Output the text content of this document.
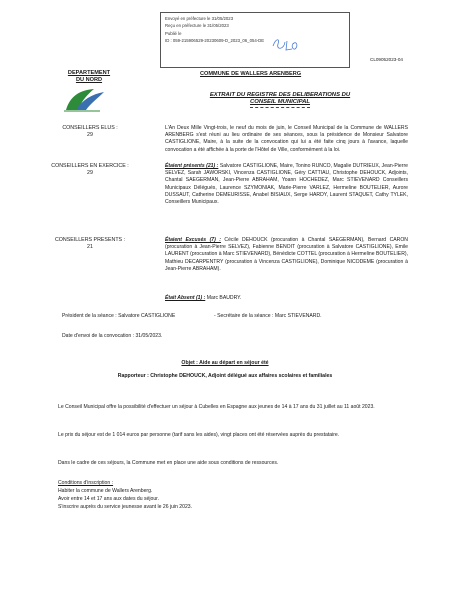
Envoyé en préfecture le 31/05/2023
Reçu en préfecture le 31/05/2023
Publié le
ID : 059-215906529-20230609-D_2023_06_054-DE
CL09052023-04
DEPARTEMENT
DU NORD
COMMUNE DE WALLERS ARENBERG
EXTRAIT DU REGISTRE DES DELIBERATIONS DU
CONSEIL MUNICIPAL
CONSEILLERS ELUS :
29
L'An Deux Mille Vingt-trois, le neuf du mois de juin, le Conseil Municipal de la Commune de WALLERS ARENBERG s'est réuni au lieu ordinaire de ses séances, sous la présidence de Monsieur Salvatore CASTIGLIONE, Maire, à la suite de la convocation qui lui a été faite cinq jours à l'avance, laquelle convocation a été affichée à la porte de l'Hôtel de Ville, conformément à la loi.
CONSEILLERS EN EXERCICE :
29
Étaient présents (21) : Salvatore CASTIGLIONE, Maire, Tonino RUNCO, Magalie DUTRIEUX, Jean-Pierre SELVEZ, Sarah JAWORSKI, Vincenza CASTIGLIONE, Géry CATTIAU, Christophe DEHOUCK, Adjoints, Chantal SAEGERMAN, Jean-Pierre ABRAHAM, Yoann HOCHEDEZ, Marc STIEVENARD Conseillers Municipaux Délégués, Laurence SZYMONIAK, Marie-Pierre VARLEZ, Hermeline BOUTELIER, Aurore DUSSAUT, Catherine DEMEURISSE, Anabel BISIAUX, Serge HARDY, Laurent STAQUET, Cathy TYLEK, Conseillers Municipaux.
CONSEILLERS PRESENTS :
21
Étaient Excusés (7) : Cécile DEHOUCK (procuration à Chantal SAEGERMAN), Bernard CARON (procuration à Jean-Pierre SELVEZ), Fabienne BENOIT (procuration à Salvatore CASTIGLIONE), Emile LAURENT (procuration à Marc STIEVENARD), Bénédicte COTTEL (procuration à Hermeline BOUTELIER), Mathieu DECARPENTRY (procuration à Vincenza CASTIGLIONE), Dominique NICODEME (procuration à Jean-Pierre ABRAHAM).
Était Absent (1) : Marc BAUDRY.
Président de la séance : Salvatore CASTIGLIONE	- Secrétaire de la séance : Marc STIEVENARD.
Date d'envoi de la convocation : 31/05/2023.
Objet : Aide au départ en séjour été
Rapporteur : Christophe DEHOUCK, Adjoint délégué aux affaires scolaires et familiales
Le Conseil Municipal offre la possibilité d'effectuer un séjour à Cubelles en Espagne aux jeunes de 14 à 17 ans du 31 juillet au 11 août 2023.
Le prix du séjour est de 1 014 euros par personne (tarif sans les aides), vingt places ont été réservées auprès du prestataire.
Dans le cadre de ces séjours, la Commune met en place une aide sous conditions de ressources.
Conditions d'inscription :
Habiter la commune de Wallers Arenberg.
Avoir entre 14 et 17 ans aux dates du séjour.
S'inscrire auprès du service jeunesse avant le 26 juin 2023.
